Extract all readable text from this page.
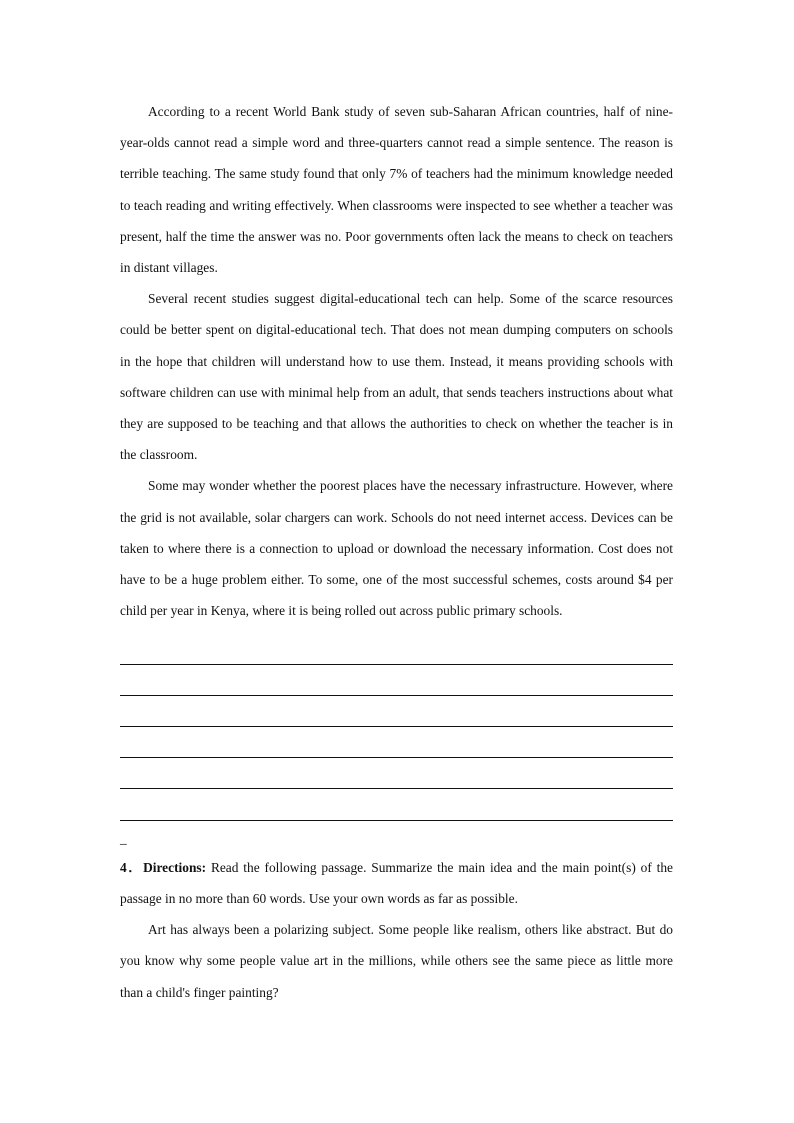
According to a recent World Bank study of seven sub-Saharan African countries, half of nine-year-olds cannot read a simple word and three-quarters cannot read a simple sentence. The reason is terrible teaching. The same study found that only 7% of teachers had the minimum knowledge needed to teach reading and writing effectively. When classrooms were inspected to see whether a teacher was present, half the time the answer was no. Poor governments often lack the means to check on teachers in distant villages.

Several recent studies suggest digital-educational tech can help. Some of the scarce resources could be better spent on digital-educational tech. That does not mean dumping computers on schools in the hope that children will understand how to use them. Instead, it means providing schools with software children can use with minimal help from an adult, that sends teachers instructions about what they are supposed to be teaching and that allows the authorities to check on whether the teacher is in the classroom.

Some may wonder whether the poorest places have the necessary infrastructure. However, where the grid is not available, solar chargers can work. Schools do not need internet access. Devices can be taken to where there is a connection to upload or download the necessary information. Cost does not have to be a huge problem either. To some, one of the most successful schemes, costs around $4 per child per year in Kenya, where it is being rolled out across public primary schools.

_

4．Directions: Read the following passage. Summarize the main idea and the main point(s) of the passage in no more than 60 words. Use your own words as far as possible.

Art has always been a polarizing subject. Some people like realism, others like abstract. But do you know why some people value art in the millions, while others see the same piece as little more than a child's finger painting?
